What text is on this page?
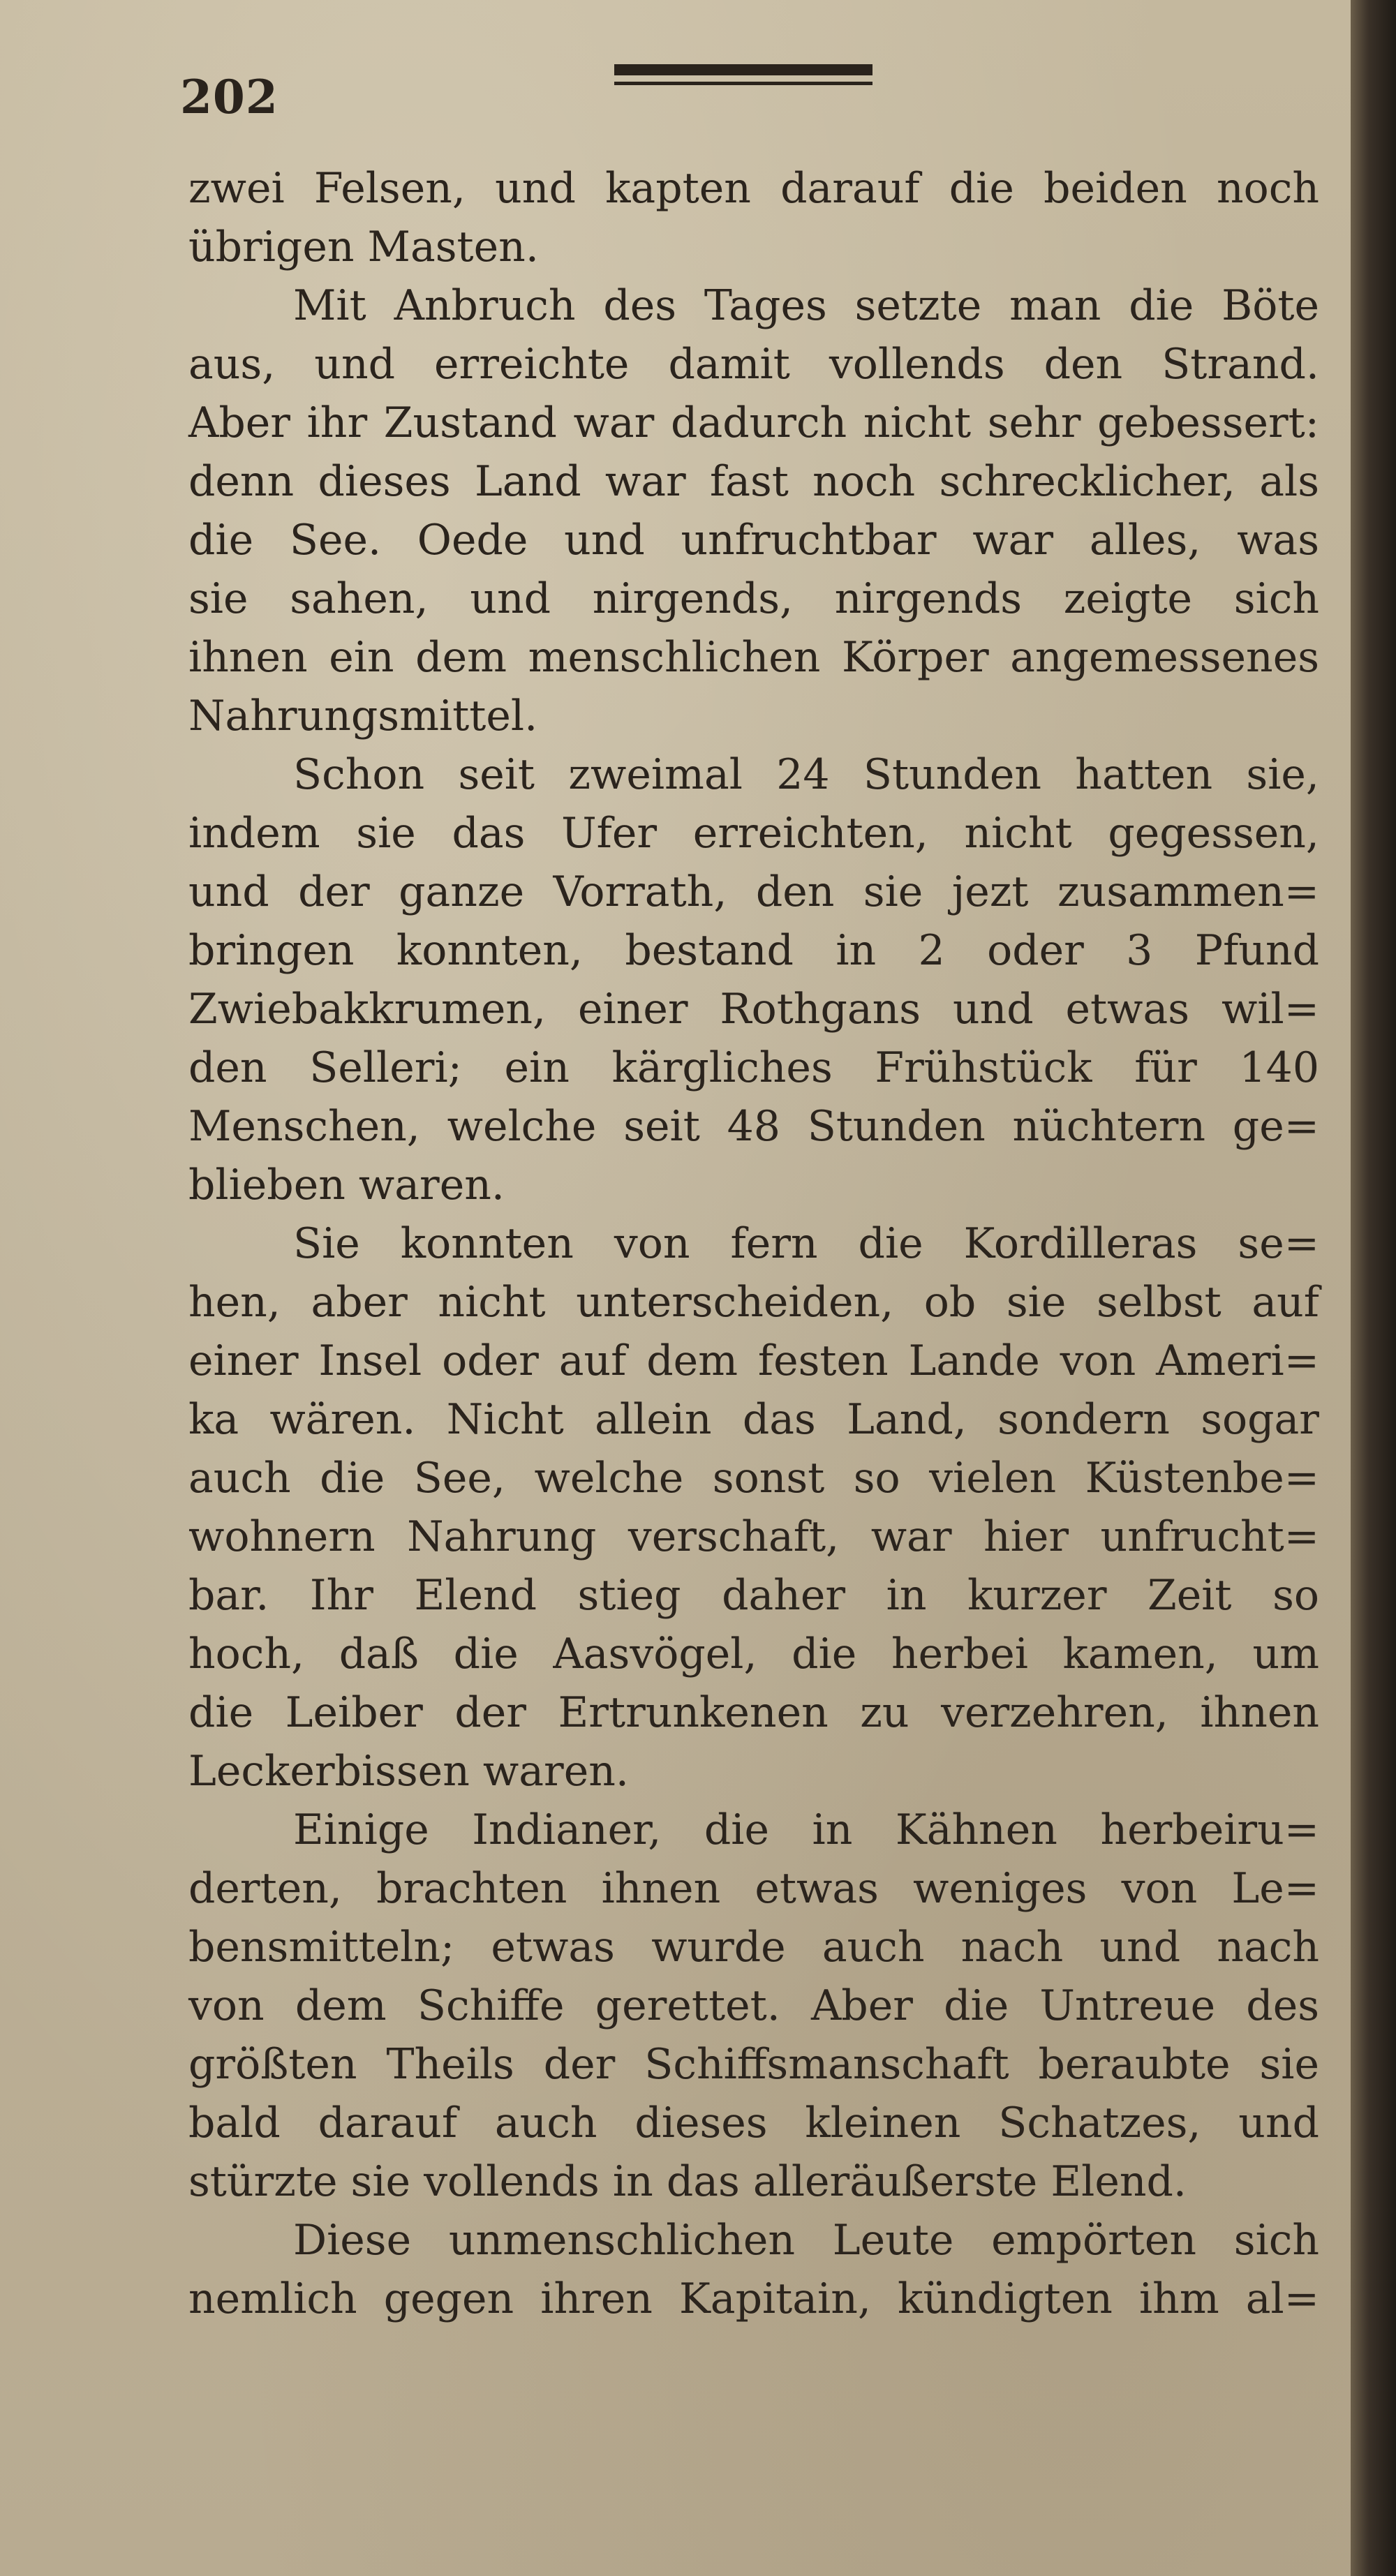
202
zwei Felsen, und kapten darauf die beiden noch
übrigen Masten.
Mit Anbruch des Tages setzte man die Böte
aus, und erreichte damit vollends den Strand.
Aber ihr Zustand war dadurch nicht sehr gebessert:
denn dieses Land war fast noch schrecklicher, als
die See. Oede und unfruchtbar war alles, was
sie sahen, und nirgends, nirgends zeigte sich
ihnen ein dem menschlichen Körper angemessenes
Nahrungsmittel.
Schon seit zweimal 24 Stunden hatten sie,
indem sie das Ufer erreichten, nicht gegessen,
und der ganze Vorrath, den sie jezt zusammen=
bringen konnten, bestand in 2 oder 3 Pfund
Zwiebakkrumen, einer Rothgans und etwas wil=
den Selleri; ein kärgliches Frühstück für 140
Menschen, welche seit 48 Stunden nüchtern ge=
blieben waren.
Sie konnten von fern die Kordilleras se=
hen, aber nicht unterscheiden, ob sie selbst auf
einer Insel oder auf dem festen Lande von Ameri=
ka wären. Nicht allein das Land, sondern sogar
auch die See, welche sonst so vielen Küstenbe=
wohnern Nahrung verschaft, war hier unfrucht=
bar. Ihr Elend stieg daher in kurzer Zeit so
hoch, daß die Aasvögel, die herbei kamen, um
die Leiber der Ertrunkenen zu verzehren, ihnen
Leckerbissen waren.
Einige Indianer, die in Kähnen herbeiru=
derten, brachten ihnen etwas weniges von Le=
bensmitteln; etwas wurde auch nach und nach
von dem Schiffe gerettet. Aber die Untreue des
größten Theils der Schiffsmanschaft beraubte sie
bald darauf auch dieses kleinen Schatzes, und
stürzte sie vollends in das alleräußerste Elend.
Diese unmenschlichen Leute empörten sich
nemlich gegen ihren Kapitain, kündigten ihm al=
